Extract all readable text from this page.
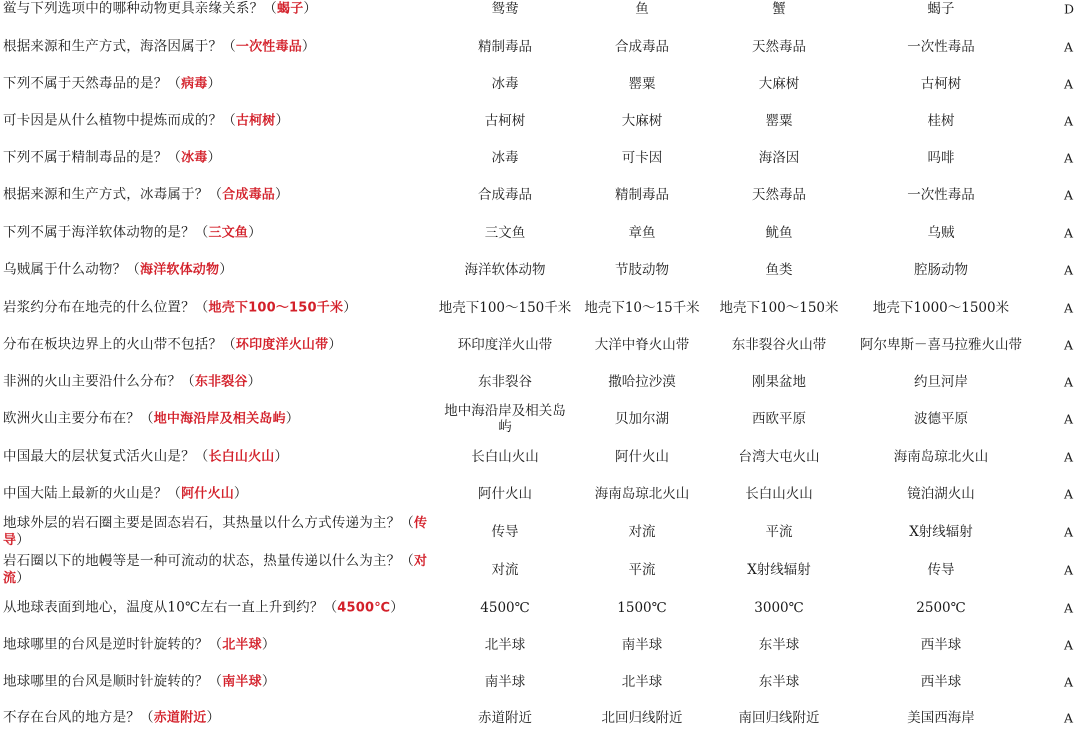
鲎与下列选项中的哪种动物更具亲缘关系？（蝎子）	鸳鸯	鱼	蟹	蝎子	D
根据来源和生产方式，海洛因属于？（一次性毒品）	精制毒品	合成毒品	天然毒品	一次性毒品	A
下列不属于天然毒品的是？（病毒）	冰毒	罂粟	大麻树	古柯树	A
可卡因是从什么植物中提炼而成的？（古柯树）	古柯树	大麻树	罂粟	桂树	A
下列不属于精制毒品的是？（冰毒）	冰毒	可卡因	海洛因	吗啡	A
根据来源和生产方式，冰毒属于？（合成毒品）	合成毒品	精制毒品	天然毒品	一次性毒品	A
下列不属于海洋软体动物的是？（三文鱼）	三文鱼	章鱼	鱿鱼	乌贼	A
乌贼属于什么动物？（海洋软体动物）	海洋软体动物	节肢动物	鱼类	腔肠动物	A
岩浆约分布在地壳的什么位置？（地壳下100～150千米）	地壳下100～150千米 地壳下10～15千米 地壳下100～150米	地壳下1000～1500米	A
分布在板块边界上的火山带不包括？（环印度洋火山带）	环印度洋火山带	大洋中脊火山带	东非裂谷火山带	阿尔卑斯－喜马拉雅火山带	A
非洲的火山主要沿什么分布？（东非裂谷）	东非裂谷	撒哈拉沙漠	刚果盆地	约旦河岸	A
欧洲火山主要分布在？（地中海沿岸及相关岛屿）	地中海沿岸及相关岛屿	贝加尔湖	西欧平原	波德平原	A
中国最大的层状复式活火山是？（长白山火山）	长白山火山	阿什火山	台湾大屯火山	海南岛琼北火山	A
中国大陆上最新的火山是？（阿什火山）	阿什火山	海南岛琼北火山	长白山火山	镜泊湖火山	A
地球外层的岩石圈主要是固态岩石，其热量以什么方式传递为主？（传导）	传导	对流	平流	X射线辐射	A
岩石圈以下的地幔等是一种可流动的状态，热量传递以什么为主？（对流）	对流	平流	X射线辐射	传导	A
从地球表面到地心，温度从10℃左右一直上升到约？（4500℃）	4500℃	1500℃	3000℃	2500℃	A
地球哪里的台风是逆时针旋转的？（北半球）	北半球	南半球	东半球	西半球	A
地球哪里的台风是顺时针旋转的？（南半球）	南半球	北半球	东半球	西半球	A
不存在台风的地方是？（赤道附近）	赤道附近	北回归线附近	南回归线附近	美国西海岸	A
